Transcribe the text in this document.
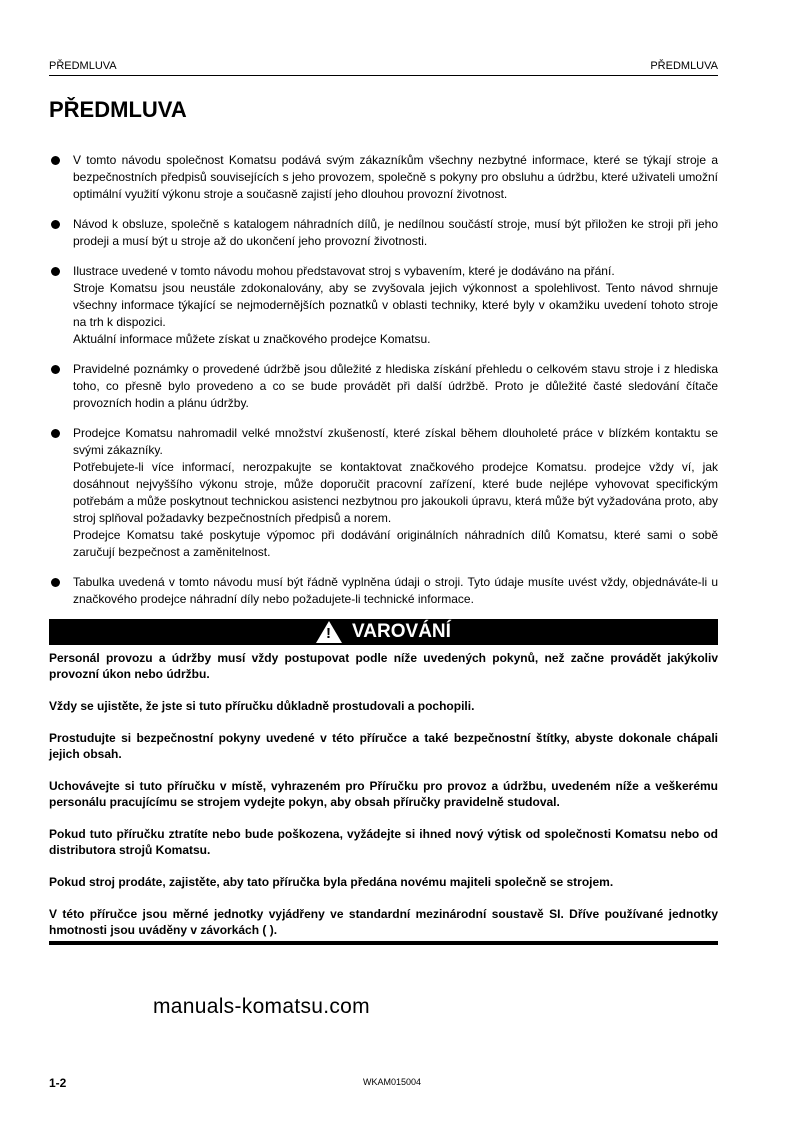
PŘEDMLUVA	PŘEDMLUVA
PŘEDMLUVA

V tomto návodu společnost Komatsu podává svým zákazníkům všechny nezbytné informace, které se týkají stroje a bezpečnostních předpisů souvisejících s jeho provozem, společně s pokyny pro obsluhu a údržbu, které uživateli umožní optimální využití výkonu stroje a současně zajistí jeho dlouhou provozní životnost.

Návod k obsluze, společně s katalogem náhradních dílů, je nedílnou součástí stroje, musí být přiložen ke stroji při jeho prodeji a musí být u stroje až do ukončení jeho provozní životnosti.

Ilustrace uvedené v tomto návodu mohou představovat stroj s vybavením, které je dodáváno na přání.

Stroje Komatsu jsou neustále zdokonalovány, aby se zvyšovala jejich výkonnost a spolehlivost. Tento návod shrnuje všechny informace týkající se nejmodernějších poznatků v oblasti techniky, které byly v okamžiku uvedení tohoto stroje na trh k dispozici.

Aktuální informace můžete získat u značkového prodejce Komatsu.

Pravidelné poznámky o provedené údržbě jsou důležité z hlediska získání přehledu o celkovém stavu stroje i z hlediska toho, co přesně bylo provedeno a co se bude provádět při další údržbě. Proto je důležité časté sledování čítače provozních hodin a plánu údržby.

Prodejce Komatsu nahromadil velké množství zkušeností, které získal během dlouholeté práce v blízkém kontaktu se svými zákazníky.

Potřebujete-li více informací, nerozpakujte se kontaktovat značkového prodejce Komatsu. prodejce vždy ví, jak dosáhnout nejvyššího výkonu stroje, může doporučit pracovní zařízení, které bude nejlépe vyhovovat specifickým potřebám a může poskytnout technickou asistenci nezbytnou pro jakoukoli úpravu, která může být vyžadována proto, aby stroj splňoval požadavky bezpečnostních předpisů a norem.

Prodejce Komatsu také poskytuje výpomoc při dodávání originálních náhradních dílů Komatsu, které sami o sobě zaručují bezpečnost a zaměnitelnost.

Tabulka uvedená v tomto návodu musí být řádně vyplněna údaji o stroji. Tyto údaje musíte uvést vždy, objednáváte-li u značkového prodejce náhradní díly nebo požadujete-li technické informace.

! VAROVÁNÍ

Personál provozu a údržby musí vždy postupovat podle níže uvedených pokynů, než začne provádět jakýkoliv provozní úkon nebo údržbu.

Vždy se ujistěte, že jste si tuto příručku důkladně prostudovali a pochopili.

Prostudujte si bezpečnostní pokyny uvedené v této příručce a také bezpečnostní štítky, abyste dokonale chápali jejich obsah.

Uchovávejte si tuto příručku v místě, vyhrazeném pro Příručku pro provoz a údržbu, uvedeném níže a veškerému personálu pracujícímu se strojem vydejte pokyn, aby obsah příručky pravidelně studoval.

Pokud tuto příručku ztratíte nebo bude poškozena, vyžádejte si ihned nový výtisk od společnosti Komatsu nebo od distributora strojů Komatsu.

Pokud stroj prodáte, zajistěte, aby tato příručka byla předána novému majiteli společně se strojem.

V této příručce jsou měrné jednotky vyjádřeny ve standardní mezinárodní soustavě SI. Dříve používané jednotky hmotnosti jsou uváděny v závorkách ( ).

manuals-komatsu.com
1-2	WKAM015004
